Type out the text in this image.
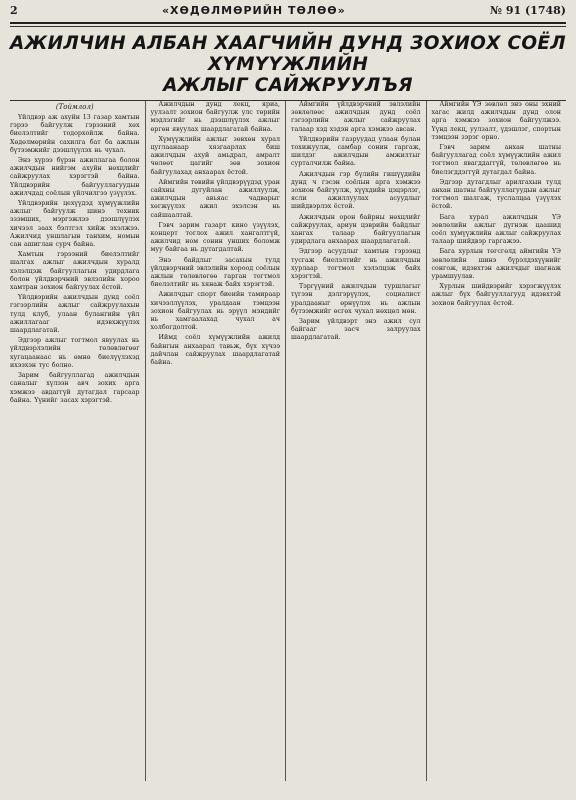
2	«ХӨДӨЛМӨРИЙН ТӨЛӨӨ»	№ 91 (1748)
АЖИЛЧИН АЛБАН ХААГЧИЙН ДУНД ЗОХИОХ СОЁЛ ХҮМҮҮЖЛИЙН
АЖЛЫГ САЙЖРУУЛЪЯ
(Тоймлол)

Үйлдвэр аж ахуйн 13 газар хамтын гэрээ байгуулж гэрээний хөх биелэлтийг тодорхойлж байна. Хөдөлмөрийн сахилга бат ба ажлын бүтээмжийг дээшлүүлэх нь чухал.

Энэ хүрээ бүрэн ажиллагаа болон ажилчдын нийгэм ахуйн нөхцлийг сайжруулах хэрэгтэй байна. Үйлдвэрийн байгууллагуудын ажилчдад соёлын үйлчилгээ үзүүлэх.

Үйлдвэрийн цехүүдэд хүмүүжлийн ажлыг байгуулж шинэ техник эзэмших, мэргэжлээ дээшлүүлэх хичээл заах бэлтгэл хийж эхэлжээ. Ажилчид уншлагын танхим, номын сан ашиглан сурч байна.

Хамтын гэрээний биелэлтийг шалгах ажлыг ажилчдын хуралд хэлэлцэж байгууллагын удирдлага болон үйлдвэрчний эвлэлийн хороо хамтран зохион байгуулах ёстой.

Үйлдвэрийн ажилчдын дунд соёл гэгээрлийн ажлыг сайжруулахын тулд клуб, улаан булангийн үйл ажиллагааг идэвхжүүлэх шаардлагатай.

Эдгээр ажлыг тогтмол явуулах нь үйлдвэрлэлийн төлөвлөгөөг хугацаанаас нь өмнө биелүүлэхэд ихээхэн тус болно.

Зарим байгууллагад ажилчдын саналыг хүлээн авч зохих арга хэмжээ авдаггүй дутагдал гарсаар байна. Үүнийг засах хэрэгтэй.

Ажилчдын дунд лекц, яриа, уулзалт зохион байгуулж улс төрийн мэдлэгийг нь дээшлүүлэх ажлыг өргөн явуулах шаардлагатай байна.

Хүмүүжлийн ажлыг зөвхөн хурал цуглаанаар хязгаарлах биш ажилчдын ахуй амьдрал, амралт чөлөөт цагийг зөв зохион байгуулахад анхаарах ёстой.

Аймгийн төвийн үйлдвэрүүдэд уран сайхны дугуйлан ажиллуулж, ажилчдын авьяас чадварыг хөгжүүлэх ажил эхэлсэн нь сайшаалтай.

Гэвч зарим газарт кино үзүүлэх, концерт тоглох ажил хангалтгүй, ажилчид ном сонин унших боломж муу байгаа нь дутагдалтай.

Энэ байдлыг засахын тулд үйлдвэрчний эвлэлийн хороод соёлын ажлын төлөвлөгөө гарган тогтмол биелэлтийг нь хянаж байх хэрэгтэй.

Ажилчдыг спорт биеийн тамираар хичээллүүлэх, уралдаан тэмцээн зохион байгуулах нь эрүүл мэндийг нь хамгаалахад чухал ач холбогдолтой.

Иймд соёл хүмүүжлийн ажилд байнгын анхаарал тавьж, бүх хүчээ дайчлан сайжруулах шаардлагатай байна.

Аймгийн үйлдвэрчний эвлэлийн зөвлөлөөс ажилчдын дунд соёл гэгээрлийн ажлыг сайжруулах талаар хэд хэдэн арга хэмжээ авсан.

Үйлдвэрийн газруудад улаан булан тохижуулж, самбар сонин гаргаж, шилдэг ажилчдын амжилтыг сурталчилж байна.

Ажилчдын гэр бүлийн гишүүдийн дунд ч гэсэн соёлын арга хэмжээ зохион байгуулж, хүүхдийн цэцэрлэг, ясли ажиллуулах асуудлыг шийдвэрлэх ёстой.

Ажилчдын орон байрны нөхцлийг сайжруулах, ариун цэврийн байдлыг хангах талаар байгууллагын удирдлага анхаарах шаардлагатай.

Эдгээр асуудлыг хамтын гэрээнд тусгаж биелэлтийг нь ажилчдын хурлаар тогтмол хэлэлцэж байх хэрэгтэй.

Тэргүүний ажилчдын туршлагыг түгээн дэлгэрүүлэх, социалист уралдааныг өрнүүлэх нь ажлын бүтээмжийг өсгөх чухал нөхцөл мөн.

Зарим үйлдвэрт энэ ажил сул байгааг засч залруулах шаардлагатай.

Аймгийн ҮЭ зөвлөл энэ оны эхний хагас жилд ажилчдын дунд олон арга хэмжээ зохион байгуулжээ. Үүнд лекц, уулзалт, үдэшлэг, спортын тэмцээн зэрэг орно.

Гэвч зарим анхан шатны байгууллагад соёл хүмүүжлийн ажил тогтмол явагддаггүй, төлөвлөгөө нь биелэгддэггүй дутагдал байна.

Эдгээр дутагдлыг арилгахын тулд анхан шатны байгууллагуудын ажлыг тогтмол шалгаж, туслалцаа үзүүлэх ёстой.

Бага хурал ажилчдын ҮЭ зөвлөлийн ажлыг дүгнэж цаашид соёл хүмүүжлийн ажлыг сайжруулах талаар шийдвэр гаргажээ.

Бага хурлын төгсгөлд аймгийн ҮЭ зөвлөлийн шинэ бүрэлдэхүүнийг сонгож, идэвхтэн ажилчдыг шагнаж урамшуулав.

Хурлын шийдвэрийг хэрэгжүүлэх ажлыг бүх байгууллагууд идэвхтэй зохион байгуулах ёстой.
